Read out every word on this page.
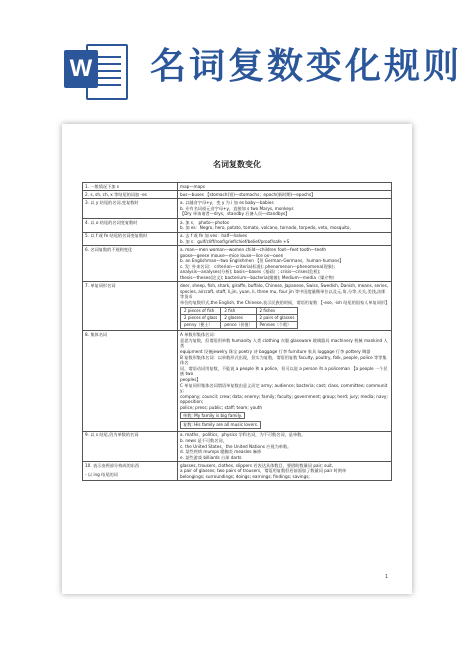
W 名词复数变化规则
名词复数变化
1. 一般情况下加 s	map—maps
2. s, sh, ch, x 等结尾的词加 -es	bus—buses 【stomach(胃)—stomachs；epoch(新时期)—epochs】
3. 以 y 结尾的名词,变复数时	a. 以辅音字母+y，变 y 为 i 加 es baby—babies
b. 专有名词或元音字母+y，直接加 s two Marys, monkeys
【Dry 单该诸者—drys，standby 后备人员—standbys】

4. 以 o 结尾的名词变复数时	a. 加 s， photo—photos
b. 加 es：Negro, hero, potato, tomato, volcano, tornado, torpedo, veto, mosquito,

5. 以 f 或 fe 结尾的名词变复数时	a. 去 f 或 fe 加 ves：half—halves
b. 加 s：gulf/cliff/roof/grief/chief/belief/proof/safe +S

6. 名词复数的不规则变化	a. man—men woman—women child—children foot—feet tooth—teeth
goose—geese mouse—mice louse—lice ox—oxen
b. an Englishman—two Englishmen 【但 German-Germans，human-humans】
c. 发: 外来名词： criterion—criteria(标准); phenomenon—phenomena(现象);
analysis—analyses(分析); basis—bases（基础）; crisis—crises(危机);
thesis—theses(论文); bacterium—bacteria(细菌); Medium—media（媒介物）

7. 单复同形名词	deer, sheep, fish, shark, giraffe, buffalo, Chinese, Japanese, Swiss, Swedish, Danish, means, series,
species, aircraft, staff, li,jin, yuan, li, three mu, four jin 等中国度量衡单位以及元,角,分等,关关,美钱,法郎等货币
单位的复数形式,the English, the Chinese,表示民族的时候，谓语用复数 【-ese, -ish 结尾的国家人单复同形】
2 pieces of fish	2 fish	2 fishes
2 pieces of glass	2 glasses	2 pairs of glasses
penny（便士）	pence（价值）	Pennies（个数）

8. 集体名词	A 单数形集体名词：
意思为复数，但谓语用单数 humanity 人类 clothing 衣服 glassware 玻璃器具 machinery 机械 mankind 人类
equipment 设备jewelry 珠宝 poetry 诗 baggage 行李 furniture 家具 luggage 行李 pottery 陶器
B 复数形集体名词：以单数形式出现，但实为复数，谓语用复数 faculty, poultry, folk, people, police 等等集体名
词，谓语动词用复数，不能说 a people 和 a police，但可以说 a person 和 a policeman 【a people 一个民族 two
peoples】
C 单复同形集体名词谓语单复数由意义而定 army; audience; bacteria; cast; class, committee; community;
company; council; crew; data; enemy; family; faculty; government; group; herd; jury; media; navy; opposition;
police; press; public; staff; team; youth
单数: My family is big family.
复数: His family are all music lovers.
9. 以 s 结尾,仍为单数的名词	a. maths，politics，physics 学科名词，为不可数名词，是单数。
b. news 是不可数名词，
c. the United States，the United Nations 应视为单数。
d. 某些疾病 mumps 腮腺炎 measles 麻疹
e. 某些游戏 billiards 台球 darts

10. 表示由两部分构成的东西
- 以 ing 结尾的词

glasses, trousers, clothes, slippers 若表达具体数目，要借助数量词 pair; suit,
a pair of glasses; two pairs of trousers，谓语用复数但若前面加了数量词 pair 时则单
belongings; surroundings; doings; earnings; findings; savings;
1
